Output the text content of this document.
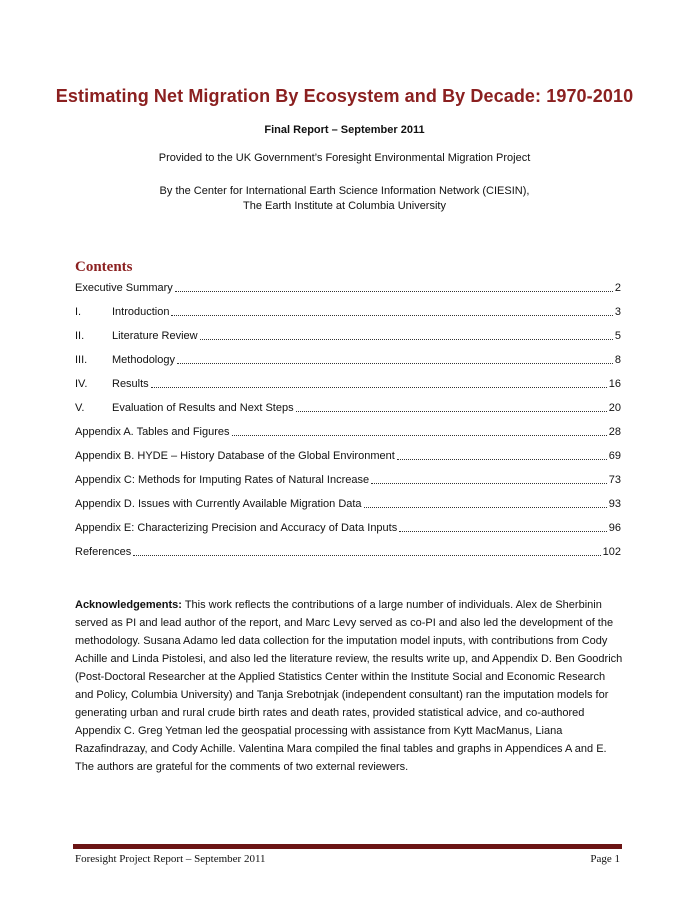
Estimating Net Migration By Ecosystem and By Decade: 1970-2010
Final Report – September 2011
Provided to the UK Government’s Foresight Environmental Migration Project
By the Center for International Earth Science Information Network (CIESIN),
The Earth Institute at Columbia University
Contents
Executive Summary	2
I.	Introduction	3
II.	Literature Review	5
III.	Methodology	8
IV.	Results	16
V.	Evaluation of Results and Next Steps	20
Appendix A. Tables and Figures	28
Appendix B. HYDE – History Database of the Global Environment	69
Appendix C: Methods for Imputing Rates of Natural Increase	73
Appendix D. Issues with Currently Available Migration Data	93
Appendix E: Characterizing Precision and Accuracy of Data Inputs	96
References	102
Acknowledgements: This work reflects the contributions of a large number of individuals. Alex de Sherbinin served as PI and lead author of the report, and Marc Levy served as co-PI and also led the development of the methodology. Susana Adamo led data collection for the imputation model inputs, with contributions from Cody Achille and Linda Pistolesi, and also led the literature review, the results write up, and Appendix D. Ben Goodrich (Post-Doctoral Researcher at the Applied Statistics Center within the Institute Social and Economic Research and Policy, Columbia University) and Tanja Srebotnjak (independent consultant) ran the imputation models for generating urban and rural crude birth rates and death rates, provided statistical advice, and co-authored Appendix C. Greg Yetman led the geospatial processing with assistance from Kytt MacManus, Liana Razafindrazay, and Cody Achille. Valentina Mara compiled the final tables and graphs in Appendices A and E. The authors are grateful for the comments of two external reviewers.
Foresight Project Report – September 2011	Page 1
